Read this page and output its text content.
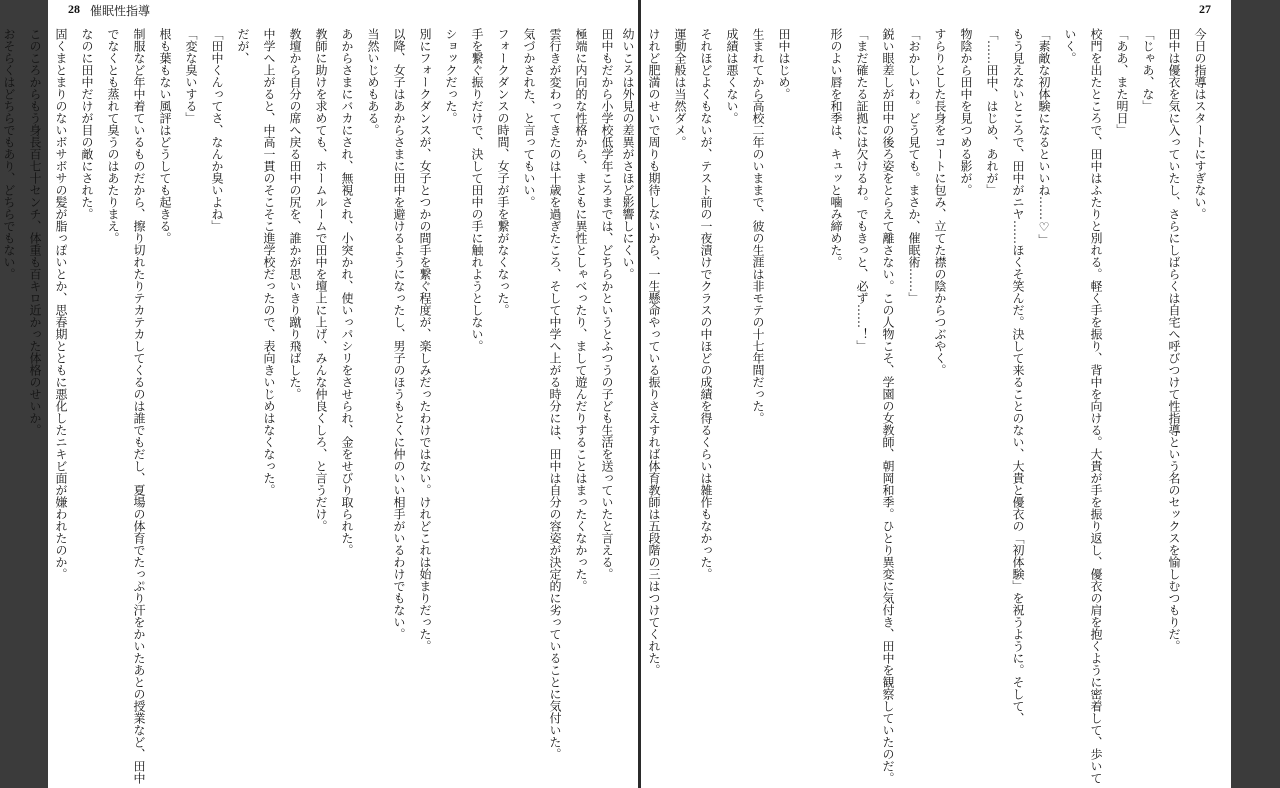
28 催眠性指導
田中もだから小学校低学年ころまでは、どちらかというとふつうの子ども生活を送っていたと言える。
極端に内向的な性格から、まともに異性としゃべったり、まして遊んだりすることはまったくなかった。
雲行きが変わってきたのは十歳を過ぎたころ、そして中学へ上がる時分には、田中は自分の容姿が決定的に劣っていることに気付いた。
気づかされた、と言ってもいい。
フォークダンスの時間、女子が手を繋がなくなった。
手を繋ぐ振りだけで、決して田中の手に触れようとしない。
ショックだった。
別にフォークダンスが、女子とつかの間手を繋ぐ程度が、楽しみだったわけではない。けれどこれは始まりだった。
以降、女子はあからさまに田中を避けるようになったし、男子のほうもとくに仲のいい相手がいるわけでもない。
当然いじめもある。
あからさまにバカにされ、無視され、小突かれ、使いっパシリをさせられ、金をせびり取られた。
教師に助けを求めても、ホームルームで田中を壇上に上げ、みんな仲良くしろ、と言うだけ。
教壇から自分の席へ戻る田中の尻を、誰かが思いきり蹴り飛ばした。
中学へ上がると、中高一貫のそこそこ進学校だったので、表向きいじめはなくなった。
だが、
「田中くんってさ、なんか臭いよね」
「変な臭いする」
根も葉もない風評はどうしても起きる。
制服など年中着ているものだから、擦り切れたりテカテカしてくるのは誰でもだし、夏場の体育でたっぷり汗をかいたあとの授業など、田中でなくとも蒸れて臭うのはあたりまえ。
なのに田中だけが目の敵にされた。
固くまとまりのないボサボサの髪が脂っぽいとか、思春期とともに悪化したニキビ面が嫌われたのか。
このころからもう身長百七十センチ、体重も百キロ近かった体格のせいか。
おそらくはどちらでもあり、どちらでもない。
27
今日の指導はスタートにすぎない。
田中は優衣を気に入っていたし、さらにしばらくは自宅へ呼びつけて性指導という名のセックスを愉しむつもりだ。
「じゃあ、な」
「ああ、また明日」
校門を出たところで、田中はふたりと別れる。軽く手を振り、背中を向ける。大貴が手を振り返し、優衣の肩を抱くように密着して、歩いていく。
「素敵な初体験になるといいね……♡」
もう見えないところで、田中がニヤ……ほくそ笑んだ。決して来ることのない、大貴と優衣の「初体験」を祝うように。そして、
「……田中、はじめ、あれが」
物陰から田中を見つめる影が。
すらりとした長身をコートに包み、立てた襟の陰からつぶやく。
「おかしいわ。どう見ても。まさか、催眠術……」
鋭い眼差しが田中の後ろ姿をとらえて離さない。この人物こそ、学園の女教師、朝岡和季。ひとり異変に気付き、田中を観察していたのだ。
「まだ確たる証拠には欠けるわ。でもきっと、必ず……！」
形のよい唇を和季は、キュッと噛み締めた。

田中はじめ。
生まれてから高校二年のいままで、彼の生涯は非モテの十七年間だった。
成績は悪くない。
それほどよくもないが、テスト前の一夜漬けでクラスの中ほどの成績を得るくらいは雑作もなかった。
運動全般は当然ダメ。
けれど肥満のせいで周りも期待しないから、一生懸命やっている振りさえすれば体育教師は五段階の三はつけてくれた。
幼いころは外見の差異がさほど影響しにくい。
